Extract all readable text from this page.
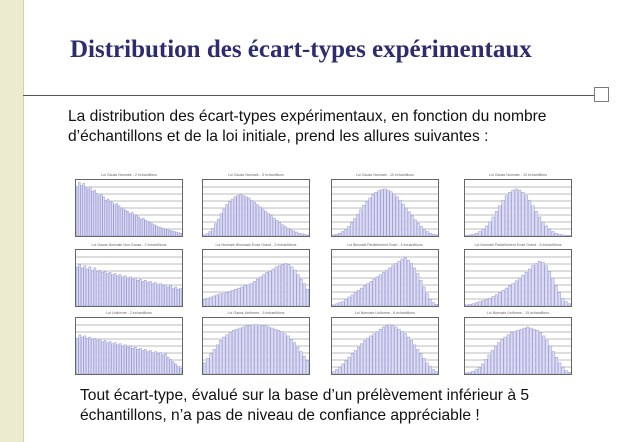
Distribution des écart-types expérimentaux

La distribution des écart-types expérimentaux, en fonction du nombre d’échantillons et de la loi initiale, prend les allures suivantes :

Loi Gauss Normale - 2 échantillons	Loi Gauss Normale - 5 échantillons	Loi Gauss Normale - 10 échantillons	Loi Gauss Normale - 15 échantillons
Loi Gauss Normale Non Gauss - 2 échantillons	Loi Normale Bimodale Ecart Grand - 5 échantillons	Loi Bimodal Partiellement Ecart - 5 échantillons	Loi Normale Partiellement Ecart Grand - 5 échantillons
Loi Uniforme - 2 échantillons	Loi Gauss Uniforme - 5 échantillons	Loi Normale Uniforme - 8 échantillons	Loi Normale Uniforme - 15 échantillons

Tout écart-type, évalué sur la base d’un prélèvement inférieur à 5 échantillons, n’a pas de niveau de confiance appréciable !
